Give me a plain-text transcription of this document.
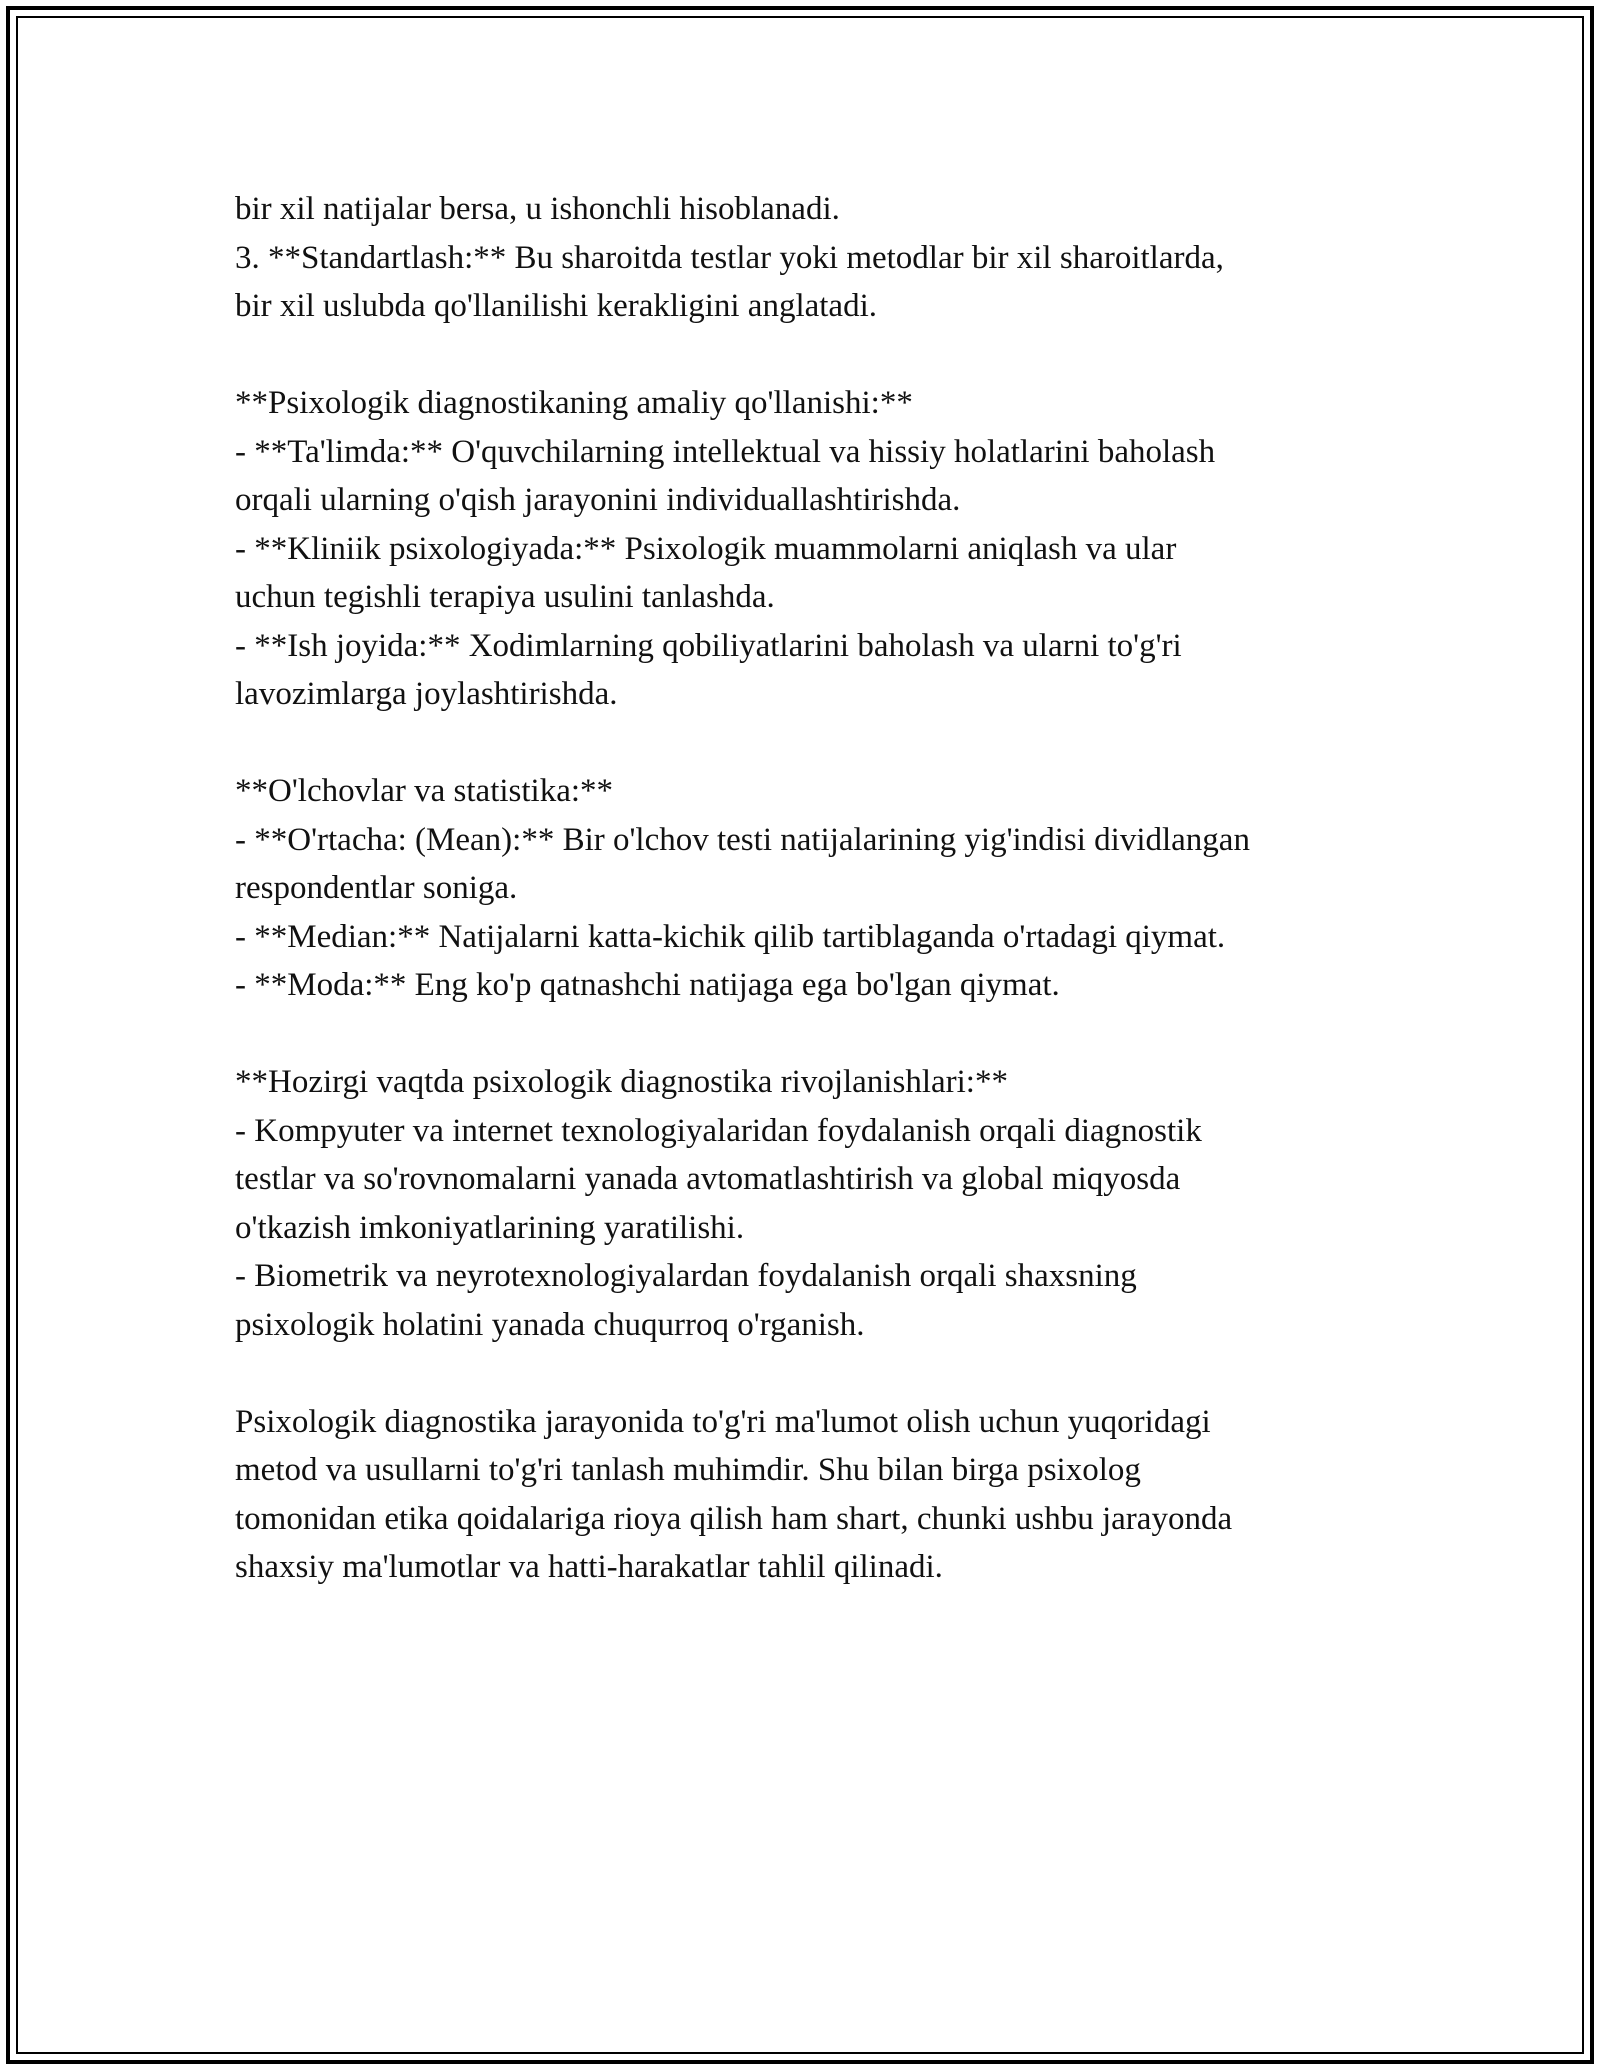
bir xil natijalar bersa, u ishonchli hisoblanadi.

3. **Standartlash:** Bu sharoitda testlar yoki metodlar bir xil sharoitlarda,

bir xil uslubda qo'llanilishi kerakligini anglatadi.

**Psixologik diagnostikaning amaliy qo'llanishi:**

- **Ta'limda:** O'quvchilarning intellektual va hissiy holatlarini baholash

orqali ularning o'qish jarayonini individuallashtirishda.

- **Kliniik psixologiyada:** Psixologik muammolarni aniqlash va ular

uchun tegishli terapiya usulini tanlashda.

- **Ish joyida:** Xodimlarning qobiliyatlarini baholash va ularni to'g'ri

lavozimlarga joylashtirishda.

**O'lchovlar va statistika:**

- **O'rtacha: (Mean):** Bir o'lchov testi natijalarining yig'indisi dividlangan

respondentlar soniga.

- **Median:** Natijalarni katta-kichik qilib tartiblaganda o'rtadagi qiymat.

- **Moda:** Eng ko'p qatnashchi natijaga ega bo'lgan qiymat.

**Hozirgi vaqtda psixologik diagnostika rivojlanishlari:**

- Kompyuter va internet texnologiyalaridan foydalanish orqali diagnostik

testlar va so'rovnomalarni yanada avtomatlashtirish va global miqyosda

o'tkazish imkoniyatlarining yaratilishi.

- Biometrik va neyrotexnologiyalardan foydalanish orqali shaxsning

psixologik holatini yanada chuqurroq o'rganish.

Psixologik diagnostika jarayonida to'g'ri ma'lumot olish uchun yuqoridagi

metod va usullarni to'g'ri tanlash muhimdir. Shu bilan birga psixolog

tomonidan etika qoidalariga rioya qilish ham shart, chunki ushbu jarayonda

shaxsiy ma'lumotlar va hatti-harakatlar tahlil qilinadi.
